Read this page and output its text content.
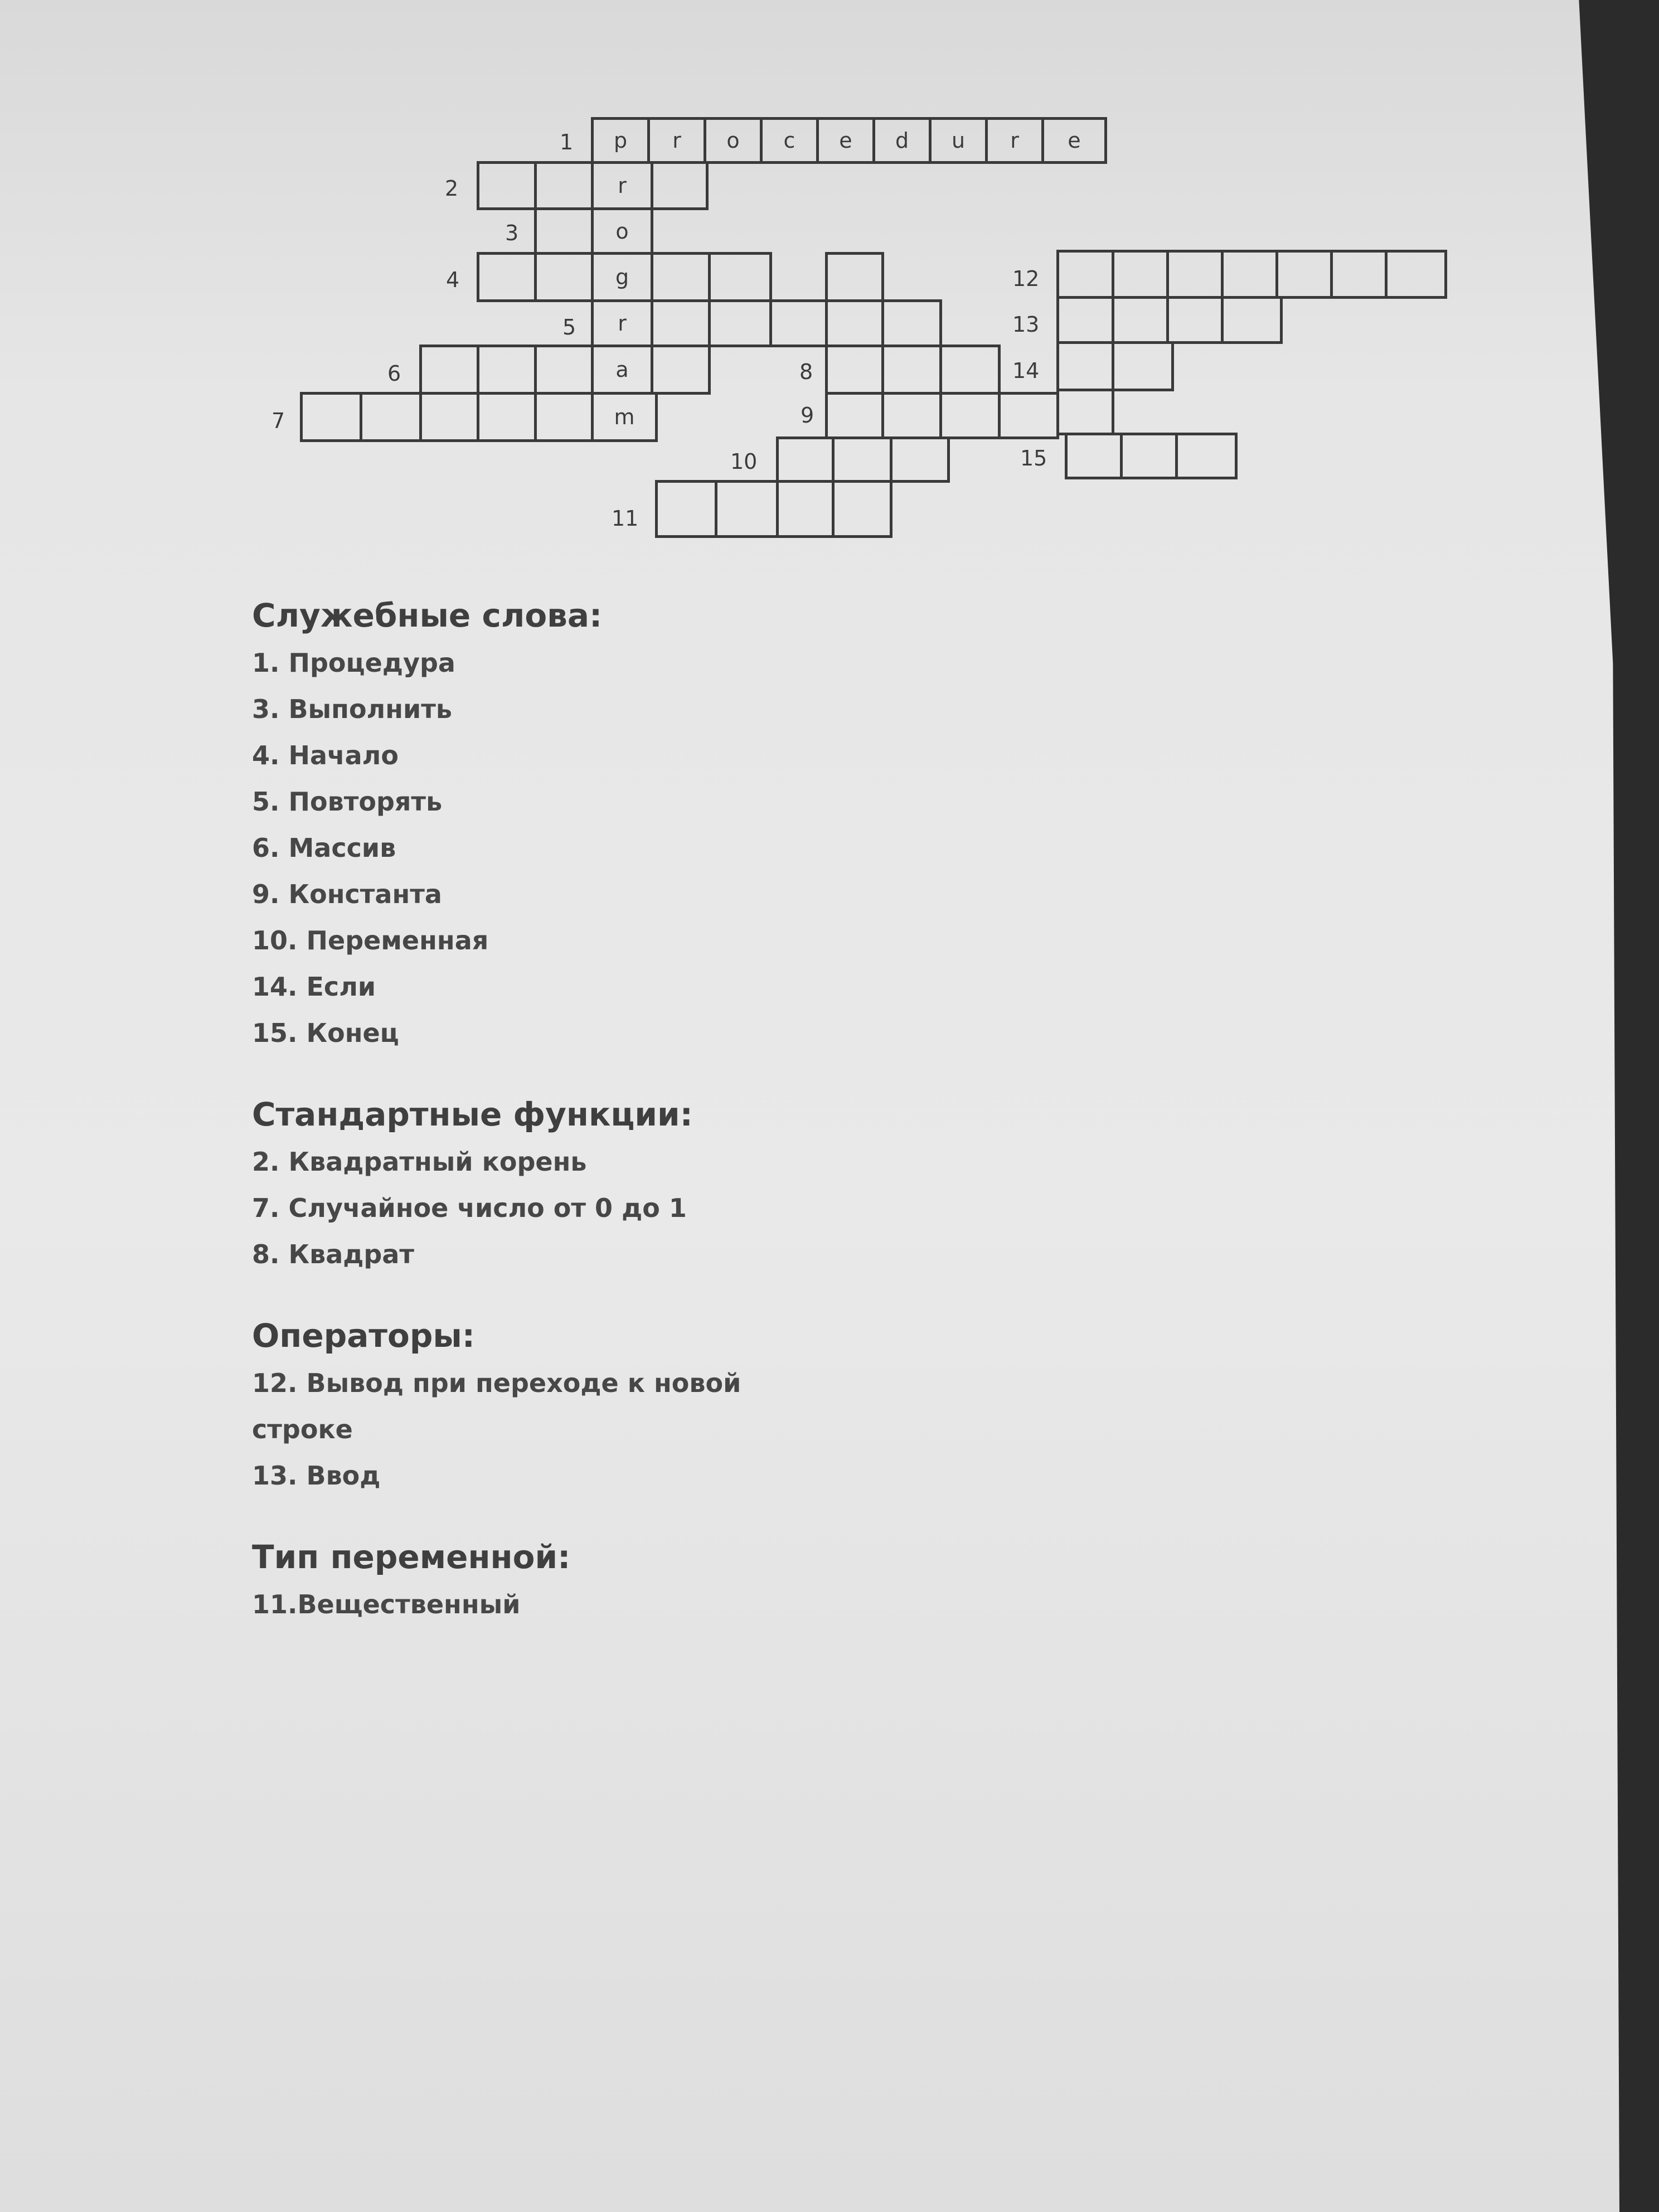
p	r	o	c	e	d	u	r	e
r
o
g
r
a
m
1
2
3
4
5
6
7
8
9
10
11
12
13
14
15

Служебные слова:

1. Процедура

3. Выполнить

4. Начало

5. Повторять

6. Массив

9. Константа

10. Переменная

14. Если

15. Конец

Стандартные функции:

2. Квадратный корень

7. Случайное число от 0 до 1

8. Квадрат

Операторы:

12. Вывод при переходе к новой строке

13. Ввод

Тип переменной:

11.Вещественный
